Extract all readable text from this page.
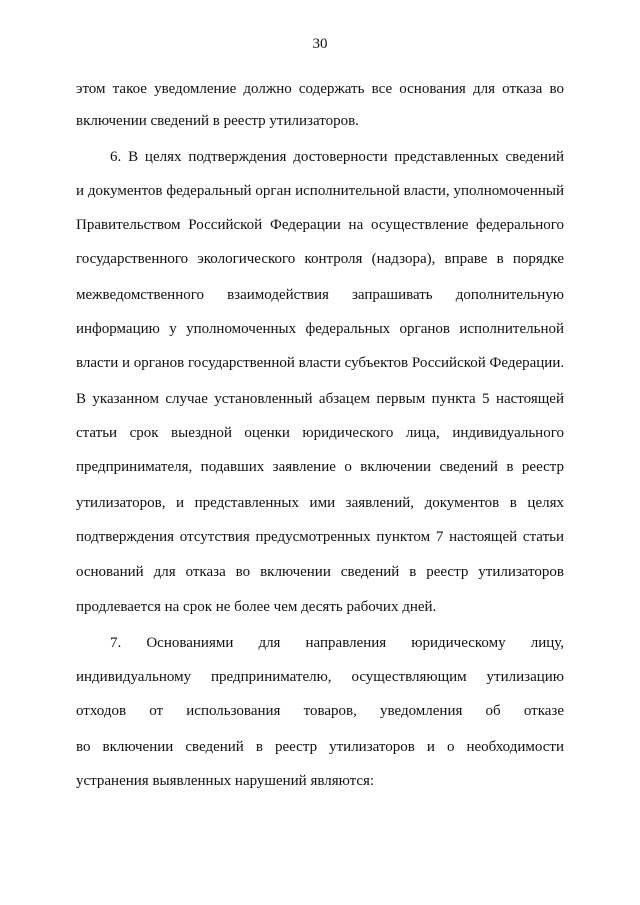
30
этом такое уведомление должно содержать все основания для отказа во
включении сведений в реестр утилизаторов.
6. В целях подтверждения достоверности представленных сведений
и документов федеральный орган исполнительной власти, уполномоченный
Правительством Российской Федерации на осуществление федерального
государственного экологического контроля (надзора), вправе в порядке
межведомственного взаимодействия запрашивать дополнительную
информацию у уполномоченных федеральных органов исполнительной
власти и органов государственной власти субъектов Российской Федерации.
В указанном случае установленный абзацем первым пункта 5 настоящей
статьи срок выездной оценки юридического лица, индивидуального
предпринимателя, подавших заявление о включении сведений в реестр
утилизаторов, и представленных ими заявлений, документов в целях
подтверждения отсутствия предусмотренных пунктом 7 настоящей статьи
оснований для отказа во включении сведений в реестр утилизаторов
продлевается на срок не более чем десять рабочих дней.
7. Основаниями для направления юридическому лицу,
индивидуальному предпринимателю, осуществляющим утилизацию
отходов от использования товаров, уведомления об отказе
во включении сведений в реестр утилизаторов и о необходимости
устранения выявленных нарушений являются:
